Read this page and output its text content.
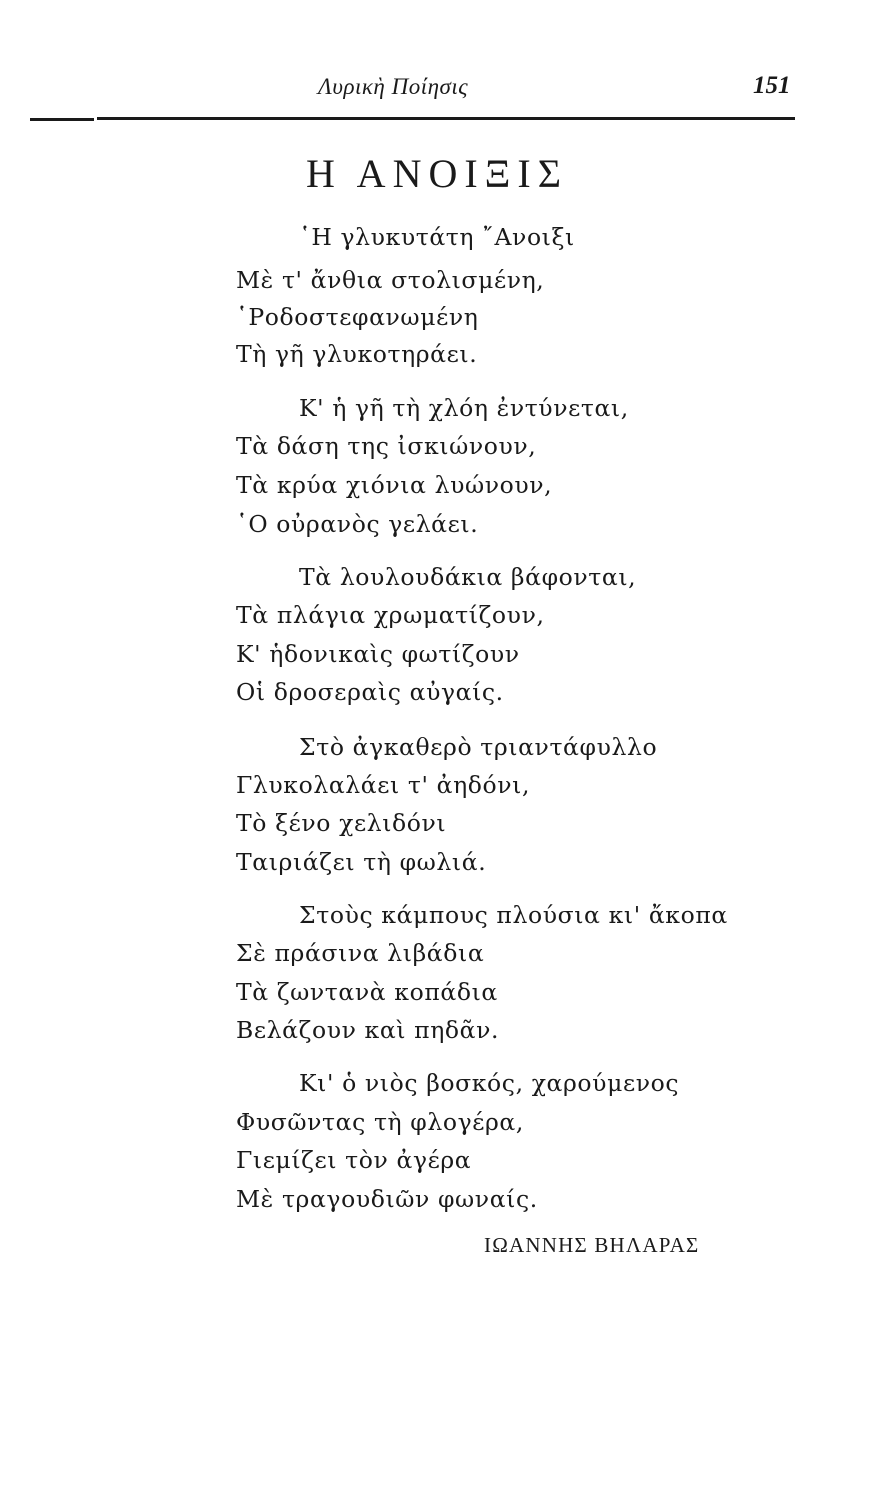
Λυρικὴ Ποίησις	151
Η ΑΝΟΙΞΙΣ
῾Η γλυκυτάτη ῎Ανοιξι
Μὲ τ' ἄνθια στολισμένη,
῾Ροδοστεφανωμένη
Τὴ γῆ γλυκοτηράει.
Κ' ἡ γῆ τὴ χλόη ἐντύνεται,
Τὰ δάση της ἰσκιώνουν,
Τὰ κρύα χιόνια λυώνουν,
῾Ο οὐρανὸς γελάει.
Τὰ λουλουδάκια βάφονται,
Τὰ πλάγια χρωματίζουν,
Κ' ἡδονικαὶς φωτίζουν
Οἱ δροσεραὶς αὐγαίς.
Στὸ ἀγκαθερὸ τριαντάφυλλο
Γλυκολαλάει τ' ἀηδόνι,
Τὸ ξένο χελιδόνι
Ταιριάζει τὴ φωλιά.
Στοὺς κάμπους πλούσια κι' ἄκοπα
Σὲ πράσινα λιβάδια
Τὰ ζωντανὰ κοπάδια
Βελάζουν καὶ πηδᾶν.
Κι' ὁ νιὸς βοσκός, χαρούμενος
Φυσῶντας τὴ φλογέρα,
Γιεμίζει τὸν ἀγέρα
Μὲ τραγουδιῶν φωναίς.
ΙΩΑΝΝΗΣ ΒΗΛΑΡΑΣ
